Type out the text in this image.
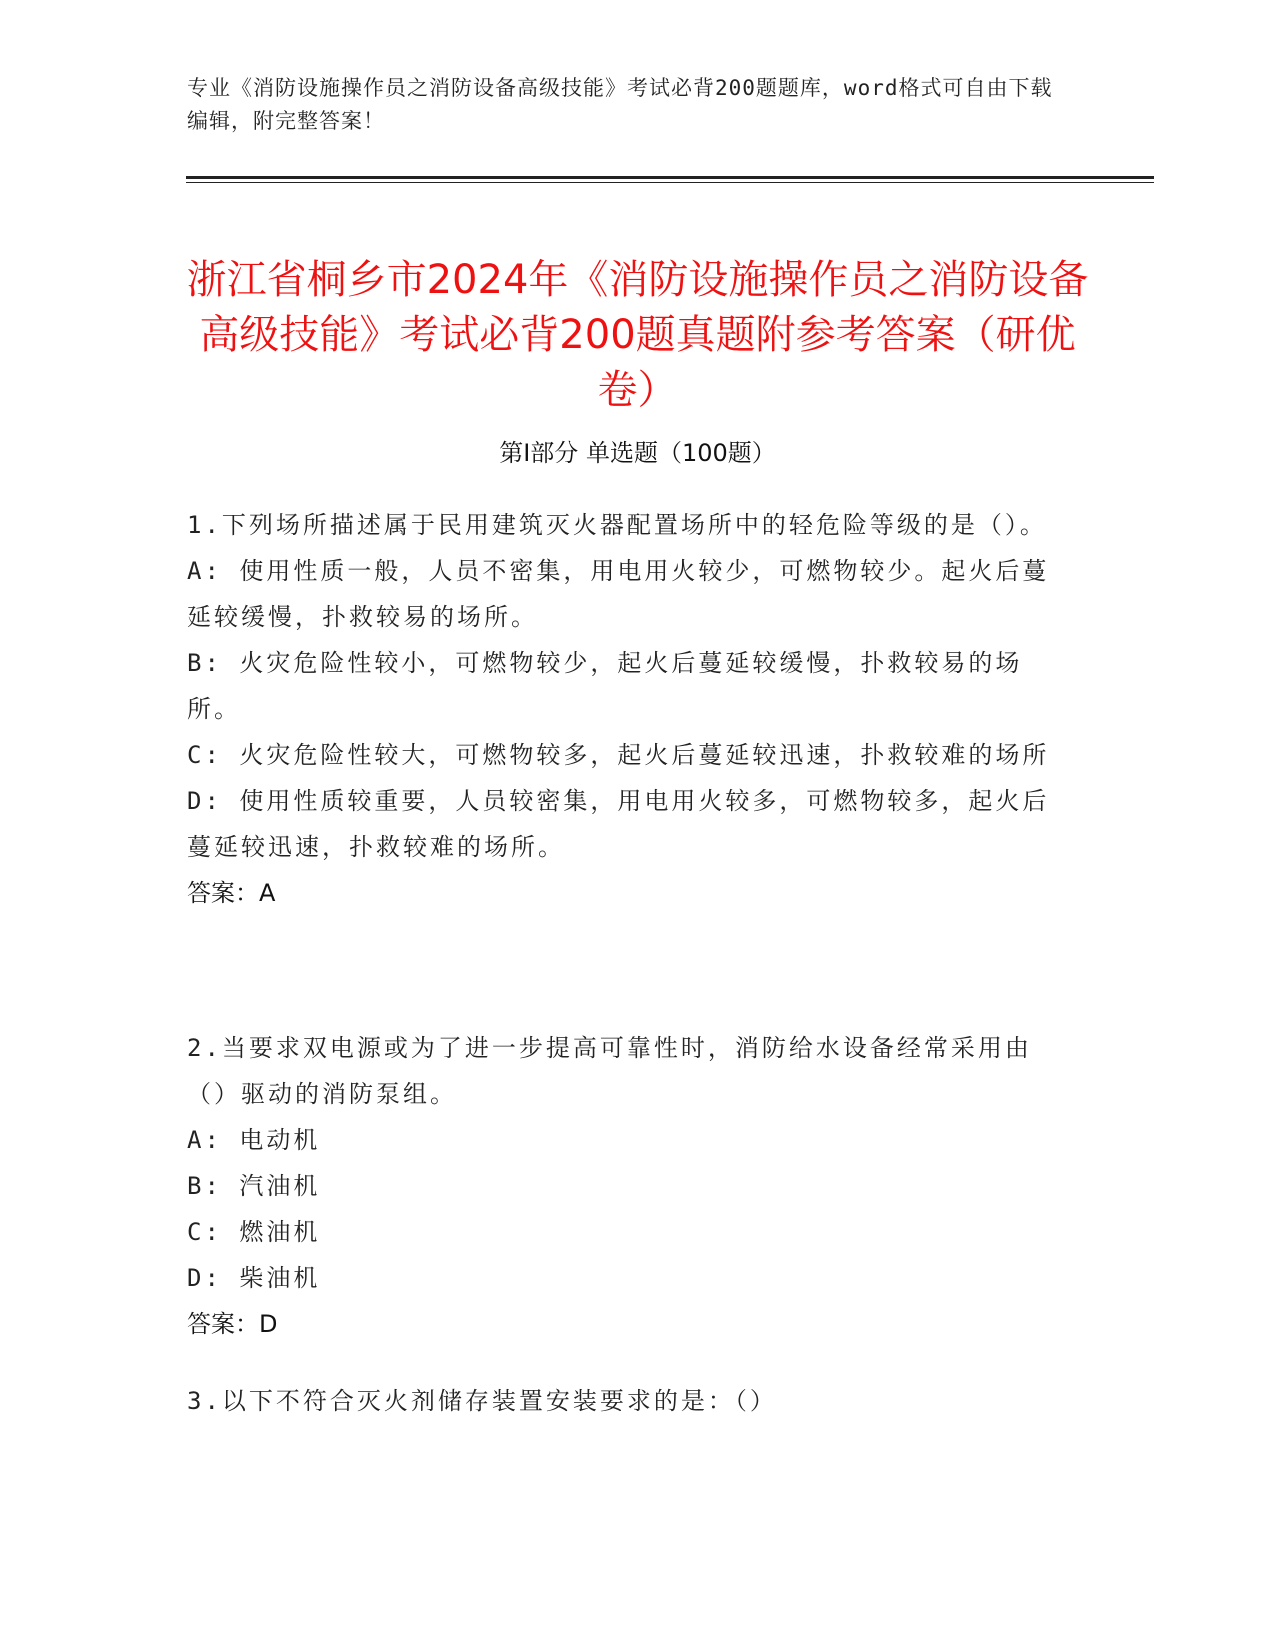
专业《消防设施操作员之消防设备高级技能》考试必背200题题库，word格式可自由下载编辑，附完整答案！
浙江省桐乡市2024年《消防设施操作员之消防设备高级技能》考试必背200题真题附参考答案（研优卷）
第Ⅰ部分 单选题（100题）
1.下列场所描述属于民用建筑灭火器配置场所中的轻危险等级的是（）。
A: 使用性质一般，人员不密集，用电用火较少，可燃物较少。起火后蔓延较缓慢，扑救较易的场所。
B: 火灾危险性较小，可燃物较少，起火后蔓延较缓慢，扑救较易的场所。
C: 火灾危险性较大，可燃物较多，起火后蔓延较迅速，扑救较难的场所
D: 使用性质较重要，人员较密集，用电用火较多，可燃物较多，起火后蔓延较迅速，扑救较难的场所。
答案：A
2.当要求双电源或为了进一步提高可靠性时，消防给水设备经常采用由（）驱动的消防泵组。
A: 电动机
B: 汽油机
C: 燃油机
D: 柴油机
答案：D
3.以下不符合灭火剂储存装置安装要求的是：（）
